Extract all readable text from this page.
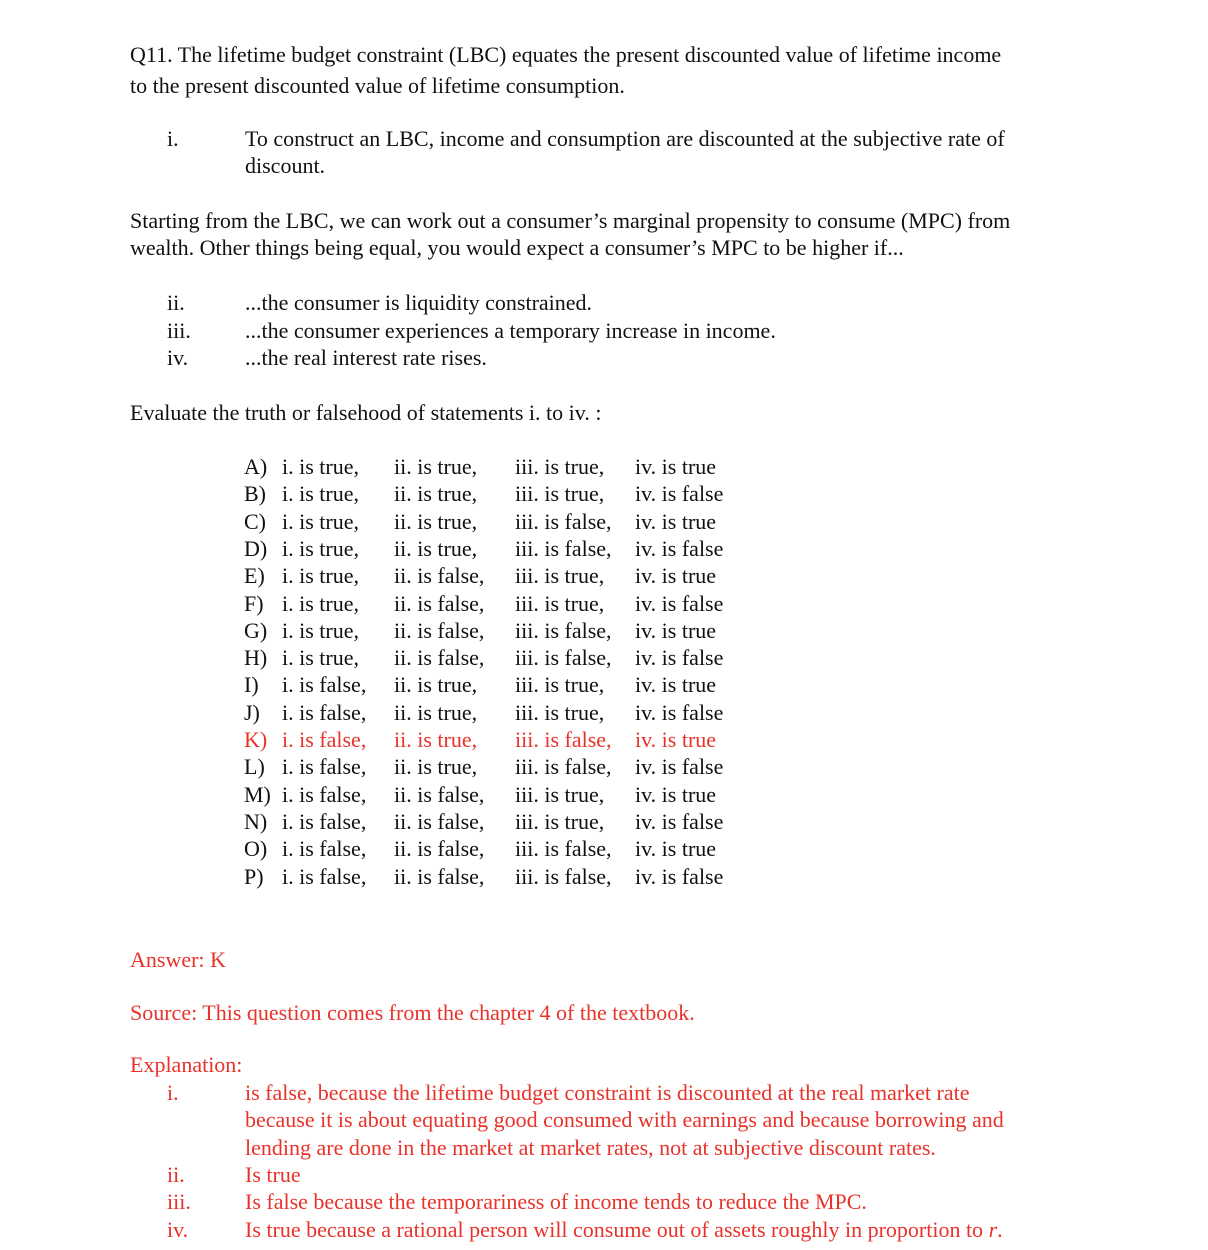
Q11. The lifetime budget constraint (LBC) equates the present discounted value of lifetime income
to the present discounted value of lifetime consumption.
i.	To construct an LBC, income and consumption are discounted at the subjective rate of
discount.
Starting from the LBC, we can work out a consumer’s marginal propensity to consume (MPC) from
wealth. Other things being equal, you would expect a consumer’s MPC to be higher if...
ii.	...the consumer is liquidity constrained.
iii. ...the consumer experiences a temporary increase in income.
iv.	...the real interest rate rises.
Evaluate the truth or falsehood of statements i. to iv. :
A) i. is true, ii. is true, iii. is true, iv. is true
B) i. is true, ii. is true, iii. is true, iv. is false
C) i. is true, ii. is true, iii. is false, iv. is true
D) i. is true, ii. is true, iii. is false, iv. is false
E) i. is true, ii. is false, iii. is true, iv. is true
F) i. is true, ii. is false, iii. is true, iv. is false
G) i. is true, ii. is false, iii. is false, iv. is true
H) i. is true, ii. is false, iii. is false, iv. is false
I) i. is false, ii. is true, iii. is true, iv. is true
J) i. is false, ii. is true, iii. is true, iv. is false
K) i. is false, ii. is true, iii. is false, iv. is true
L) i. is false, ii. is true, iii. is false, iv. is false
M) i. is false, ii. is false, iii. is true, iv. is true
N) i. is false, ii. is false, iii. is true, iv. is false
O) i. is false, ii. is false, iii. is false, iv. is true
P) i. is false, ii. is false, iii. is false, iv. is false
Answer: K
Source: This question comes from the chapter 4 of the textbook.
Explanation:
i.	is false, because the lifetime budget constraint is discounted at the real market rate
because it is about equating good consumed with earnings and because borrowing and
lending are done in the market at market rates, not at subjective discount rates.
ii.	Is true
iii. Is false because the temporariness of income tends to reduce the MPC.
iv.	Is true because a rational person will consume out of assets roughly in proportion to r.
